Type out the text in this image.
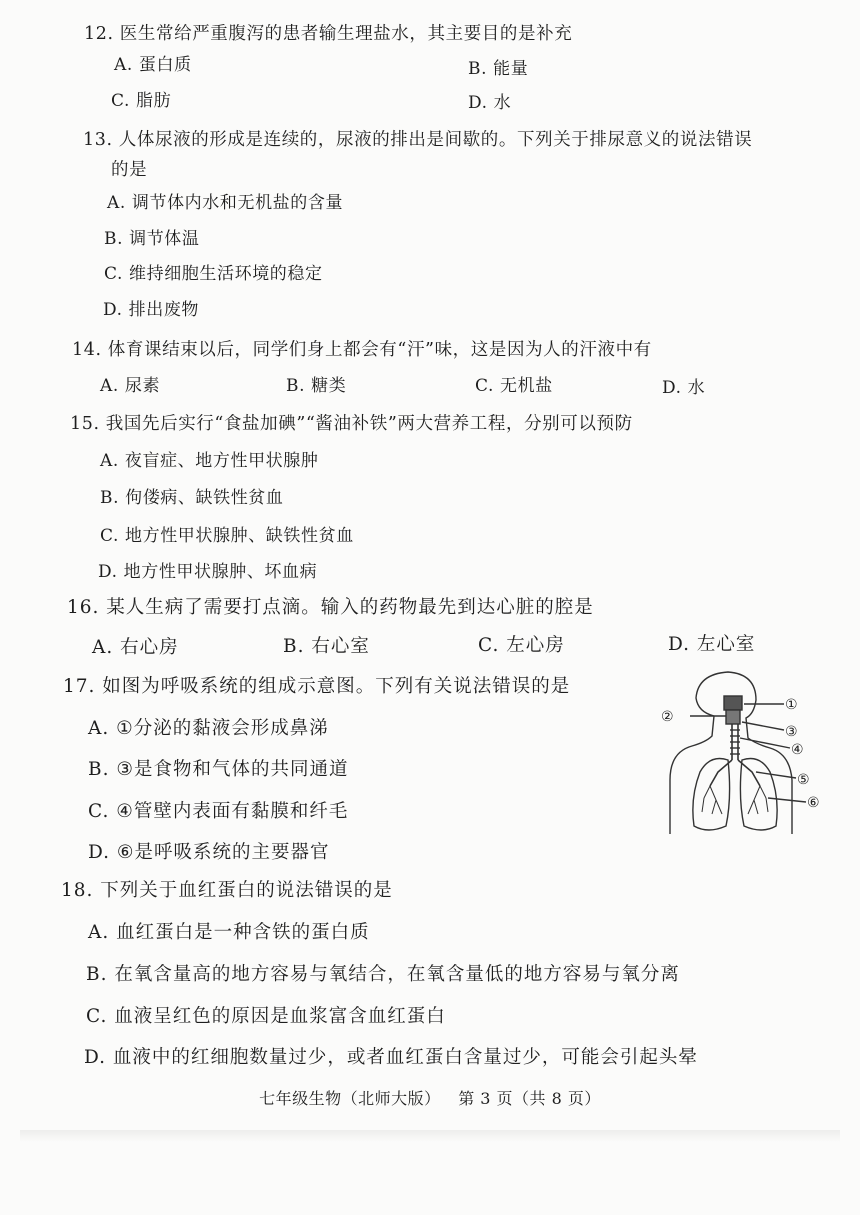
12. 医生常给严重腹泻的患者输生理盐水，其主要目的是补充
A. 蛋白质	B. 能量
C. 脂肪	D. 水
13. 人体尿液的形成是连续的，尿液的排出是间歇的。下列关于排尿意义的说法错误
的是
A. 调节体内水和无机盐的含量
B. 调节体温
C. 维持细胞生活环境的稳定
D. 排出废物
14. 体育课结束以后，同学们身上都会有“汗”味，这是因为人的汗液中有
A. 尿素	B. 糖类	C. 无机盐	D. 水
15. 我国先后实行“食盐加碘”“酱油补铁”两大营养工程，分别可以预防
A. 夜盲症、地方性甲状腺肿
B. 佝偻病、缺铁性贫血
C. 地方性甲状腺肿、缺铁性贫血
D. 地方性甲状腺肿、坏血病
16. 某人生病了需要打点滴。输入的药物最先到达心脏的腔是
A. 右心房	B. 右心室	C. 左心房	D. 左心室
17. 如图为呼吸系统的组成示意图。下列有关说法错误的是
A. ①分泌的黏液会形成鼻涕
B. ③是食物和气体的共同通道
C. ④管壁内表面有黏膜和纤毛
D. ⑥是呼吸系统的主要器官
①
②
③
④
⑤
⑥
18. 下列关于血红蛋白的说法错误的是
A. 血红蛋白是一种含铁的蛋白质
B. 在氧含量高的地方容易与氧结合，在氧含量低的地方容易与氧分离
C. 血液呈红色的原因是血浆富含血红蛋白
D. 血液中的红细胞数量过少，或者血红蛋白含量过少，可能会引起头晕
七年级生物（北师大版） 第 3 页（共 8 页）
